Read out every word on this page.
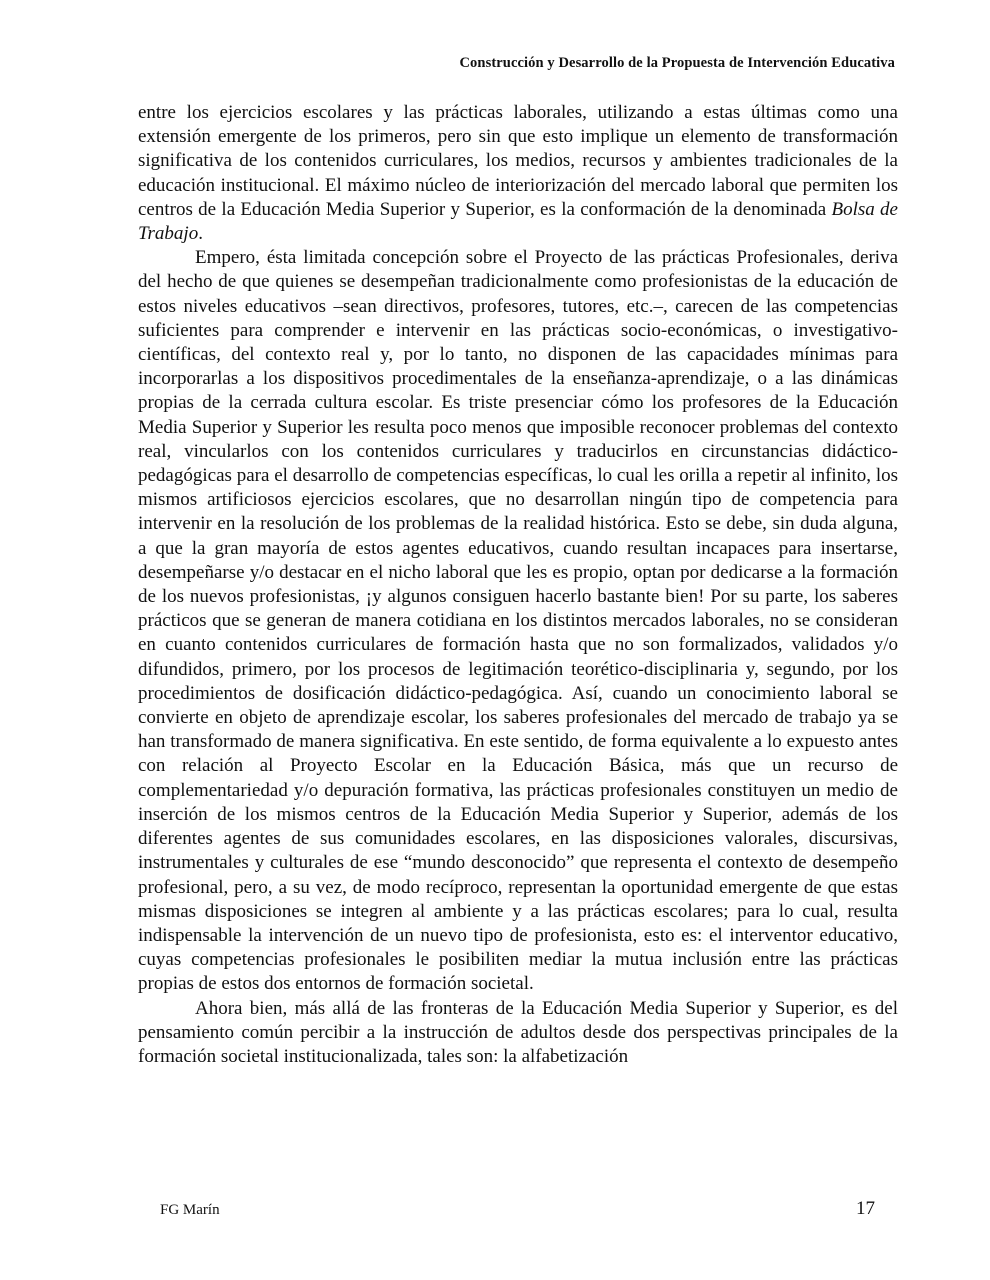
Construcción y Desarrollo de la Propuesta de Intervención Educativa

entre los ejercicios escolares y las prácticas laborales, utilizando a estas últimas como una extensión emergente de los primeros, pero sin que esto implique un elemento de transformación significativa de los contenidos curriculares, los medios, recursos y ambientes tradicionales de la educación institucional. El máximo núcleo de interiorización del mercado laboral que permiten los centros de la Educación Media Superior y Superior, es la conformación de la denominada Bolsa de Trabajo.

Empero, ésta limitada concepción sobre el Proyecto de las prácticas Profesionales, deriva del hecho de que quienes se desempeñan tradicionalmente como profesionistas de la educación de estos niveles educativos –sean directivos, profesores, tutores, etc.–, carecen de las competencias suficientes para comprender e intervenir en las prácticas socio-económicas, o investigativo-científicas, del contexto real y, por lo tanto, no disponen de las capacidades mínimas para incorporarlas a los dispositivos procedimentales de la enseñanza-aprendizaje, o a las dinámicas propias de la cerrada cultura escolar. Es triste presenciar cómo los profesores de la Educación Media Superior y Superior les resulta poco menos que imposible reconocer problemas del contexto real, vincularlos con los contenidos curriculares y traducirlos en circunstancias didáctico-pedagógicas para el desarrollo de competencias específicas, lo cual les orilla a repetir al infinito, los mismos artificiosos ejercicios escolares, que no desarrollan ningún tipo de competencia para intervenir en la resolución de los problemas de la realidad histórica. Esto se debe, sin duda alguna, a que la gran mayoría de estos agentes educativos, cuando resultan incapaces para insertarse, desempeñarse y/o destacar en el nicho laboral que les es propio, optan por dedicarse a la formación de los nuevos profesionistas, ¡y algunos consiguen hacerlo bastante bien! Por su parte, los saberes prácticos que se generan de manera cotidiana en los distintos mercados laborales, no se consideran en cuanto contenidos curriculares de formación hasta que no son formalizados, validados y/o difundidos, primero, por los procesos de legitimación teorético-disciplinaria y, segundo, por los procedimientos de dosificación didáctico-pedagógica. Así, cuando un conocimiento laboral se convierte en objeto de aprendizaje escolar, los saberes profesionales del mercado de trabajo ya se han transformado de manera significativa. En este sentido, de forma equivalente a lo expuesto antes con relación al Proyecto Escolar en la Educación Básica, más que un recurso de complementariedad y/o depuración formativa, las prácticas profesionales constituyen un medio de inserción de los mismos centros de la Educación Media Superior y Superior, además de los diferentes agentes de sus comunidades escolares, en las disposiciones valorales, discursivas, instrumentales y culturales de ese “mundo desconocido” que representa el contexto de desempeño profesional, pero, a su vez, de modo recíproco, representan la oportunidad emergente de que estas mismas disposiciones se integren al ambiente y a las prácticas escolares; para lo cual, resulta indispensable la intervención de un nuevo tipo de profesionista, esto es: el interventor educativo, cuyas competencias profesionales le posibiliten mediar la mutua inclusión entre las prácticas propias de estos dos entornos de formación societal.

Ahora bien, más allá de las fronteras de la Educación Media Superior y Superior, es del pensamiento común percibir a la instrucción de adultos desde dos perspectivas principales de la formación societal institucionalizada, tales son: la alfabetización

FG Marín	17
